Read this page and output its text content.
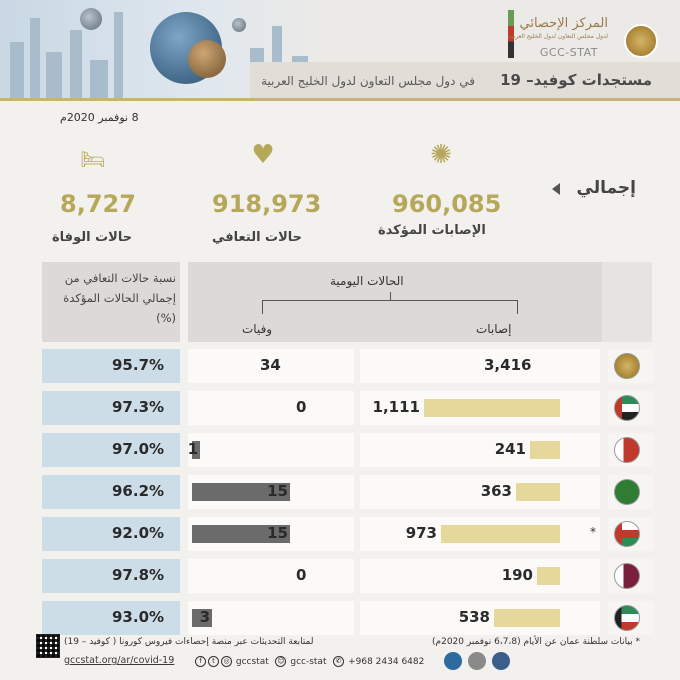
مستجدات كوفيد– 19
في دول مجلس التعاون لدول الخليج العربية
المركز الإحصائي
لدول مجلس التعاون لدول الخليج العربية
GCC-STAT
8 نوفمبر 2020م
إجمالي
✺
960,085
الإصابات المؤكدة
♥
918,973
حالات التعافي
🛏
8,727
حالات الوفاة
الحالات اليومية
إصابات
وفيات
نسبة حالات التعافي من إجمالي الحالات المؤكدة (%)
95.7%	34	3,416
97.3%	0	1,111
97.0% 1	241
96.2%	15	363
92.0%	15	973	*
97.8%	0	190
93.0% 3	538
لمتابعة التحديثات عبر منصة إحصاءات فيروس كورونا ( كوفيد – 19)
gccstat.org/ar/covid-19
* بيانات سلطنة عمان عن الأيام (6،7،8 نوفمبر 2020م)
f t ◎ gccstat ☺ gcc-stat ✆ +968 2434 6482
